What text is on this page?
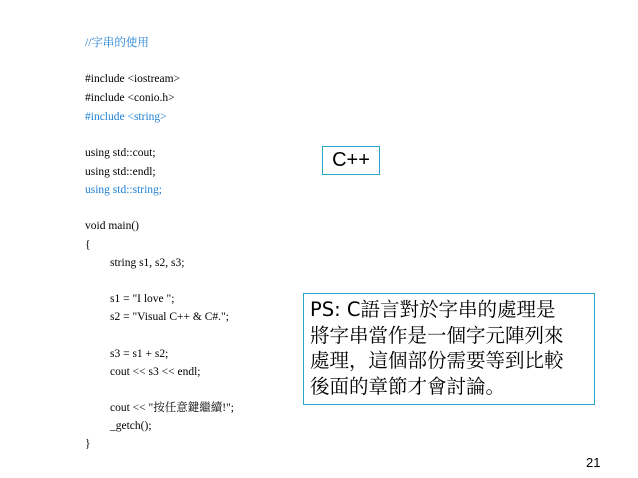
//字串的使用
#include <iostream>
#include <conio.h>
#include <string>
using std::cout;
using std::endl;
using std::string;
void main()
{
string s1, s2, s3;
s1 = "I love ";
s2 = "Visual C++ & C#.";
s3 = s1 + s2;
cout << s3 << endl;
cout << "按任意鍵繼續!";
_getch();
}
C++
PS: C語言對於字串的處理是
將字串當作是一個字元陣列來
處理，這個部份需要等到比較
後面的章節才會討論。
21
